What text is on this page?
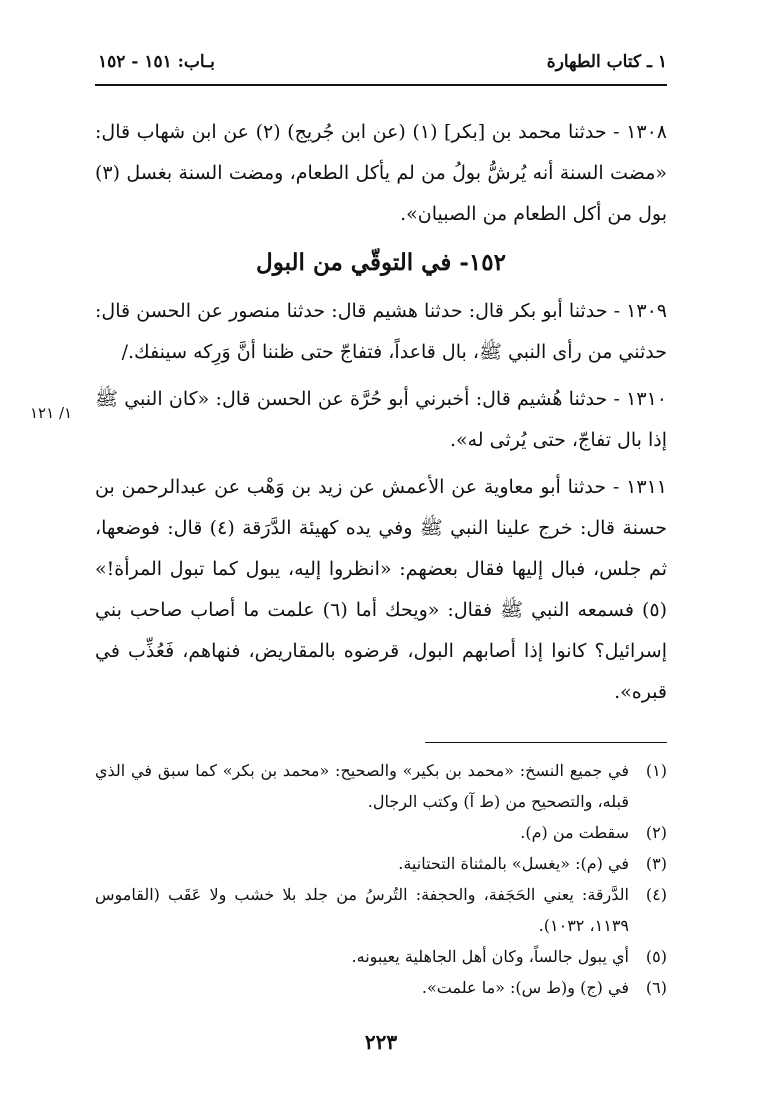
١ ـ كتاب الطهارة
بـاب: ١٥١ - ١٥٢

١٣٠٨ - حدثنا محمد بن [بكر] (١) (عن ابن جُريج) (٢) عن ابن شهاب قال: «مضت السنة أنه يُرشُّ بولُ من لم يأكل الطعام، ومضت السنة بغسل (٣) بول من أكل الطعام من الصبيان».

١٥٢- في التوقّي من البول

١٣٠٩ - حدثنا أبو بكر قال: حدثنا هشيم قال: حدثنا منصور عن الحسن قال: حدثني من رأى النبي ﷺ، بال قاعداً، فتفاجّ حتى ظننا أنَّ وَرِكه سينفك./

١٣١٠ - حدثنا هُشيم قال: أخبرني أبو حُرَّة عن الحسن قال: «كان النبي ﷺ إذا بال تفاجّ، حتى يُرثى له».

١٣١١ - حدثنا أبو معاوية عن الأعمش عن زيد بن وَهْب عن عبدالرحمن بن حسنة قال: خرج علينا النبي ﷺ وفي يده كهيئة الدَّرَقة (٤) قال: فوضعها، ثم جلس، فبال إليها فقال بعضهم: «انظروا إليه، يبول كما تبول المرأة!» (٥) فسمعه النبي ﷺ فقال: «ويحك أما (٦) علمت ما أصاب صاحب بني إسرائيل؟ كانوا إذا أصابهم البول، قرضوه بالمقاريض، فنهاهم، فَعُذِّب في قبره».

١/ ١٢١
(١)
في جميع النسخ: «محمد بن بكير» والصحيح: «محمد بن بكر» كما سبق في الذي قبله، والتصحيح من (ط آ) وكتب الرجال.
(٢)
سقطت من (م).
(٣)
في (م): «يغسل» بالمثناة التحتانية.
(٤)
الدَّرقة: يعني الحَجَفة، والحجفة: التُرسُ من جلد بلا خشب ولا عَقَب (القاموس ١١٣٩، ١٠٣٢).
(٥)
أي يبول جالساً، وكان أهل الجاهلية يعيبونه.
(٦)
في (ج) و(ط س): «ما علمت».
٢٢٣
